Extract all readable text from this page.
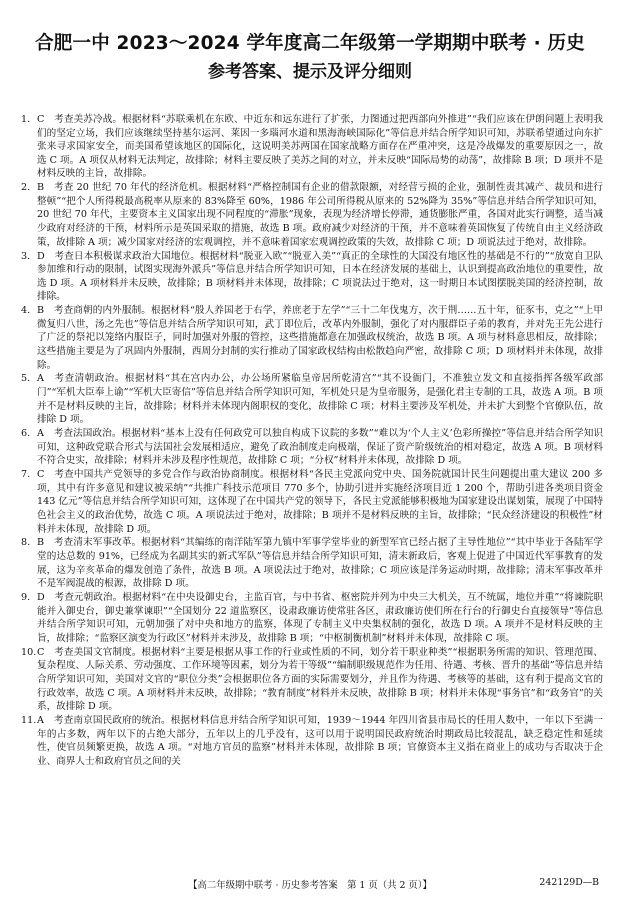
合肥一中 2023～2024 学年度高二年级第一学期期中联考 · 历史
参考答案、提示及评分细则

1. C　考查美苏冷战。根据材料“苏联乘机在东欧、中近东和远东进行了扩张，力图通过把西部向外推进”“我们应该在伊朗问题上表明我们的坚定立场，我们应该继续坚持基尔运河、莱因一多瑙河水道和黑海海峡国际化”等信息并结合所学知识可知，苏联希望通过向东扩张来寻求国家安全，而美国希望该地区的国际化，这说明美苏两国在国家战略方面存在严重冲突，这是冷战爆发的重要原因之一，故选 C 项。A 项仅从材料无法判定，故排除；材料主要反映了美苏之间的对立，并未反映“国际局势的动荡”，故排除 B 项；D 项并不是材料反映的主旨，故排除。

2. B　考查 20 世纪 70 年代的经济危机。根据材料“严格控制国有企业的借款限额，对经营亏损的企业，强制性责其减产、裁员和进行整顿”“把个人所得税最高税率从原来的 83%降至 60%，1986 年公司所得税从原来的 52%降为 35%”等信息并结合所学知识可知，20 世纪 70 年代，主要资本主义国家出现不同程度的“滞胀”现象，表现为经济增长停滞，通货膨胀严重，各国对此实行调整，适当减少政府对经济的干预，材料所示是英国采取的措施，故选 B 项。政府减少对经济的干预，并不意味着英国恢复了传统自由主义经济政策，故排除 A 项；减少国家对经济的宏观调控，并不意味着国家宏观调控政策的失效，故排除 C 项；D 项说法过于绝对，故排除。

3. D　考查日本积极谋求政治大国地位。根据材料“脱亚入欧”“脱亚入美”“真正的全球性的大国没有地区性的基础是不行的”“放宽自卫队参加维和行动的限制，试图实现海外派兵”等信息并结合所学知识可知，日本在经济发展的基础上，认识到提高政治地位的重要性，故选 D 项。A 项材料并未反映，故排除；B 项材料并未体现，故排除；C 项说法过于绝对，这一时期日本试图摆脱美国的经济控制，故排除。

4. B　考查商朝的内外服制。根据材料“殷人养国老于右学，养庶老于左学”“三十二年伐鬼方，次于荆……五十年，征豕韦，克之”“上甲微复归八世，汤之先也”等信息并结合所学知识可知，武丁即位后，改革内外服制，强化了对内服群臣子弟的教育，并对先王先公进行了广泛的祭祀以笼络内服臣子，同时加强对外服的管控，这些措施都意在加强政权统治，故选 B 项。A 项与材料意思相反，故排除；这些措施主要是为了巩固内外服制，西周分封制的实行推动了国家政权结构由松散趋向严密，故排除 C 项；D 项材料并未体现，故排除。

5. A　考查清朝政治。根据材料“其在宫内办公，办公场所紧临皇帝居所乾清宫”“其不设衙门，不准独立发文和直接指挥各级军政部门”“军机大臣奉上谕”“军机大臣寄信”等信息并结合所学知识可知，军机处只是为皇帝服务，是强化君主专制的工具，故选 A 项。B 项并不是材料反映的主旨，故排除；材料并未体现内阁职权的变化，故排除 C 项；材料主要涉及军机处，并未扩大到整个官僚队伍，故排除 D 项。

6. A　考查法国政治。根据材料“基本上没有任何政党可以独自构成下议院的多数”“难以为‘个人主义’色彩所操控”等信息并结合所学知识可知，这种政党联合形式与法国社会发展相适应，避免了政治制度走向极端，保证了资产阶级统治的相对稳定，故选 A 项。B 项材料不符合史实，故排除；材料并未涉及程序性规范，故排除 C 项；“分权”材料并未体现，故排除 D 项。

7. C　考查中国共产党领导的多党合作与政治协商制度。根据材料“各民主党派向党中央、国务院就国计民生问题提出重大建议 200 多项，其中有许多意见和建议被采纳”“共推广科技示范项目 770 多个，协助引进并实施经济项目近 1 200 个，帮助引进各类项目资金 143 亿元”等信息并结合所学知识可知，这体现了在中国共产党的领导下，各民主党派能够积极地为国家建设出谋划策，展现了中国特色社会主义的政治优势，故选 C 项。A 项说法过于绝对，故排除；B 项并不是材料反映的主旨，故排除；“民众经济建设的积极性”材料并未体现，故排除 D 项。

8. B　考查清末军事改革。根据材料“其编练的南洋陆军第九镇中军事学堂毕业的新型军官已经占据了主导性地位”“其中毕业于各陆军学堂的达总数的 91%，已经成为名副其实的新式军队”等信息并结合所学知识可知，清末新政后，客观上促进了中国近代军事教育的发展，这为辛亥革命的爆发创造了条件，故选 B 项。A 项说法过于绝对，故排除；C 项应该是洋务运动时期，故排除；清末军事改革并不是军阀混战的根源，故排除 D 项。

9. D　考查元朝政治。根据材料“在中央设御史台，主监百官，与中书省、枢密院并列为中央三大机关，互不统属，地位并重”“将谏院职能并入御史台，御史兼掌谏职”“全国划分 22 道监察区，设肃政廉访使常驻各区，肃政廉访使们所在行台的行御史台直接领导”等信息并结合所学知识可知，元朝加强了对中央和地方的监察，体现了专制主义中央集权制的强化，故选 D 项。A 项并不是材料反映的主旨，故排除；“监察区演变为行政区”材料并未涉及，故排除 B 项；“中枢制衡机制”材料并未体现，故排除 C 项。

10. C　考查美国文官制度。根据材料“主要是根据从事工作的行业或性质的不同，划分若干职业种类”“根据职务所需的知识、管理范围、复杂程度、人际关系、劳动强度、工作环境等因素，划分为若干等级”“编制职级规范作为任用、待遇、考核、晋升的基础”等信息并结合所学知识可知，美国对文官的“职位分类”会根据职位各方面的实际需要划分，并且作为待遇、考核等的基础，这有利于提高文官的行政效率，故选 C 项。A 项材料并未反映，故排除；“教育制度”材料并未反映，故排除 B 项；材料并未体现“事务官”和“政务官”的关系，故排除 D 项。

11. A　考查南京国民政府的统治。根据材料信息并结合所学知识可知，1939～1944 年四川省县市局长的任用人数中，一年以下至满一年的占多数，两年以下的占绝大部分，五年以上的几乎没有，这可以用于说明国民政府统治时期政局比较混乱，缺乏稳定性和延续性，使官员频繁更换，故选 A 项。“对地方官员的监察”材料并未体现，故排除 B 项；官僚资本主义指在商业上的成功与否取决于企业、商界人士和政府官员之间的关

【高二年级期中联考 · 历史参考答案　第 1 页（共 2 页）】	242129D—B
